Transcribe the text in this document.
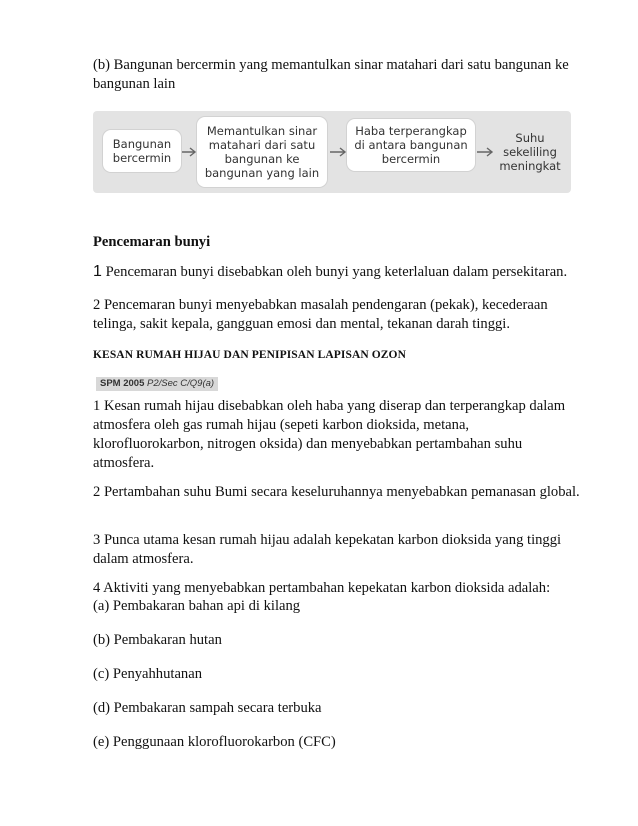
(b) Bangunan bercermin yang memantulkan sinar matahari dari satu bangunan ke bangunan lain

Bangunan bercermin
Memantulkan sinar matahari dari satu bangunan ke bangunan yang lain
Haba terperangkap di antara bangunan bercermin
Suhu sekeliling meningkat

Pencemaran bunyi

1 Pencemaran bunyi disebabkan oleh bunyi yang keterlaluan dalam persekitaran.

2 Pencemaran bunyi menyebabkan masalah pendengaran (pekak), kecederaan telinga, sakit kepala, gangguan emosi dan mental, tekanan darah tinggi.

KESAN RUMAH HIJAU DAN PENIPISAN LAPISAN OZON

SPM 2005 P2/Sec C/Q9(a)

1 Kesan rumah hijau disebabkan oleh haba yang diserap dan terperangkap dalam atmosfera oleh gas rumah hijau (sepeti karbon dioksida, metana, klorofluorokarbon, nitrogen oksida) dan menyebabkan pertambahan suhu atmosfera.

2 Pertambahan suhu Bumi secara keseluruhannya menyebabkan pemanasan global.

3 Punca utama kesan rumah hijau adalah kepekatan karbon dioksida yang tinggi dalam atmosfera.

4 Aktiviti yang menyebabkan pertambahan kepekatan karbon dioksida adalah:

(a) Pembakaran bahan api di kilang

(b) Pembakaran hutan

(c) Penyahhutanan

(d) Pembakaran sampah secara terbuka

(e) Penggunaan klorofluorokarbon (CFC)
